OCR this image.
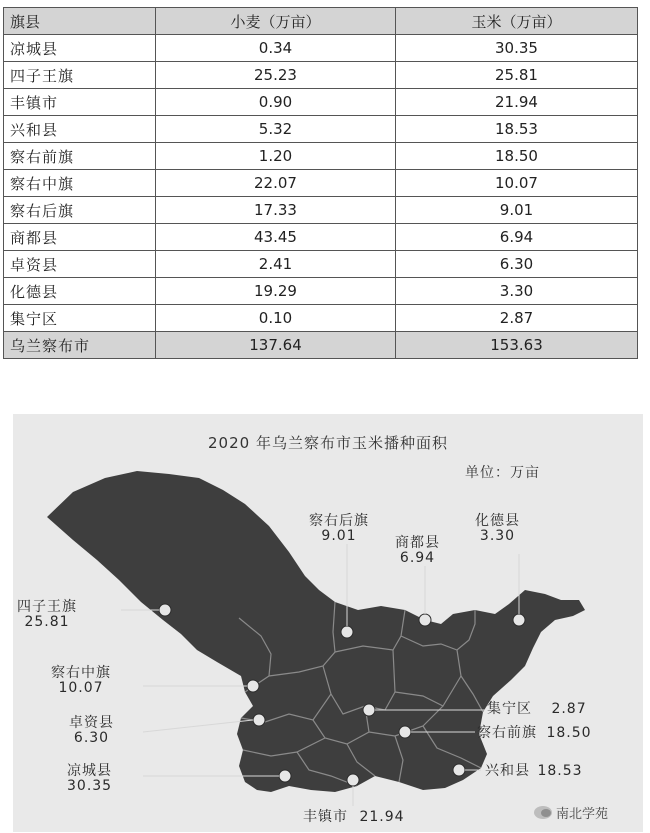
旗县	小麦（万亩）	玉米（万亩）
凉城县	0.34	30.35
四子王旗	25.23	25.81
丰镇市	0.90	21.94
兴和县	5.32	18.53
察右前旗	1.20	18.50
察右中旗	22.07	10.07
察右后旗	17.33	9.01
商都县	43.45	6.94
卓资县	2.41	6.30
化德县	19.29	3.30
集宁区	0.10	2.87
乌兰察布市	137.64	153.63
2020 年乌兰察布市玉米播种面积
单位：万亩
四子王旗
25.81
察右后旗
9.01	商都县
6.94
化德县
3.30
察右中旗
10.07
卓资县
6.30
凉城县
30.35
集宁区 2.87
察右前旗 18.50
兴和县 18.53
丰镇市 21.94	南北学苑
